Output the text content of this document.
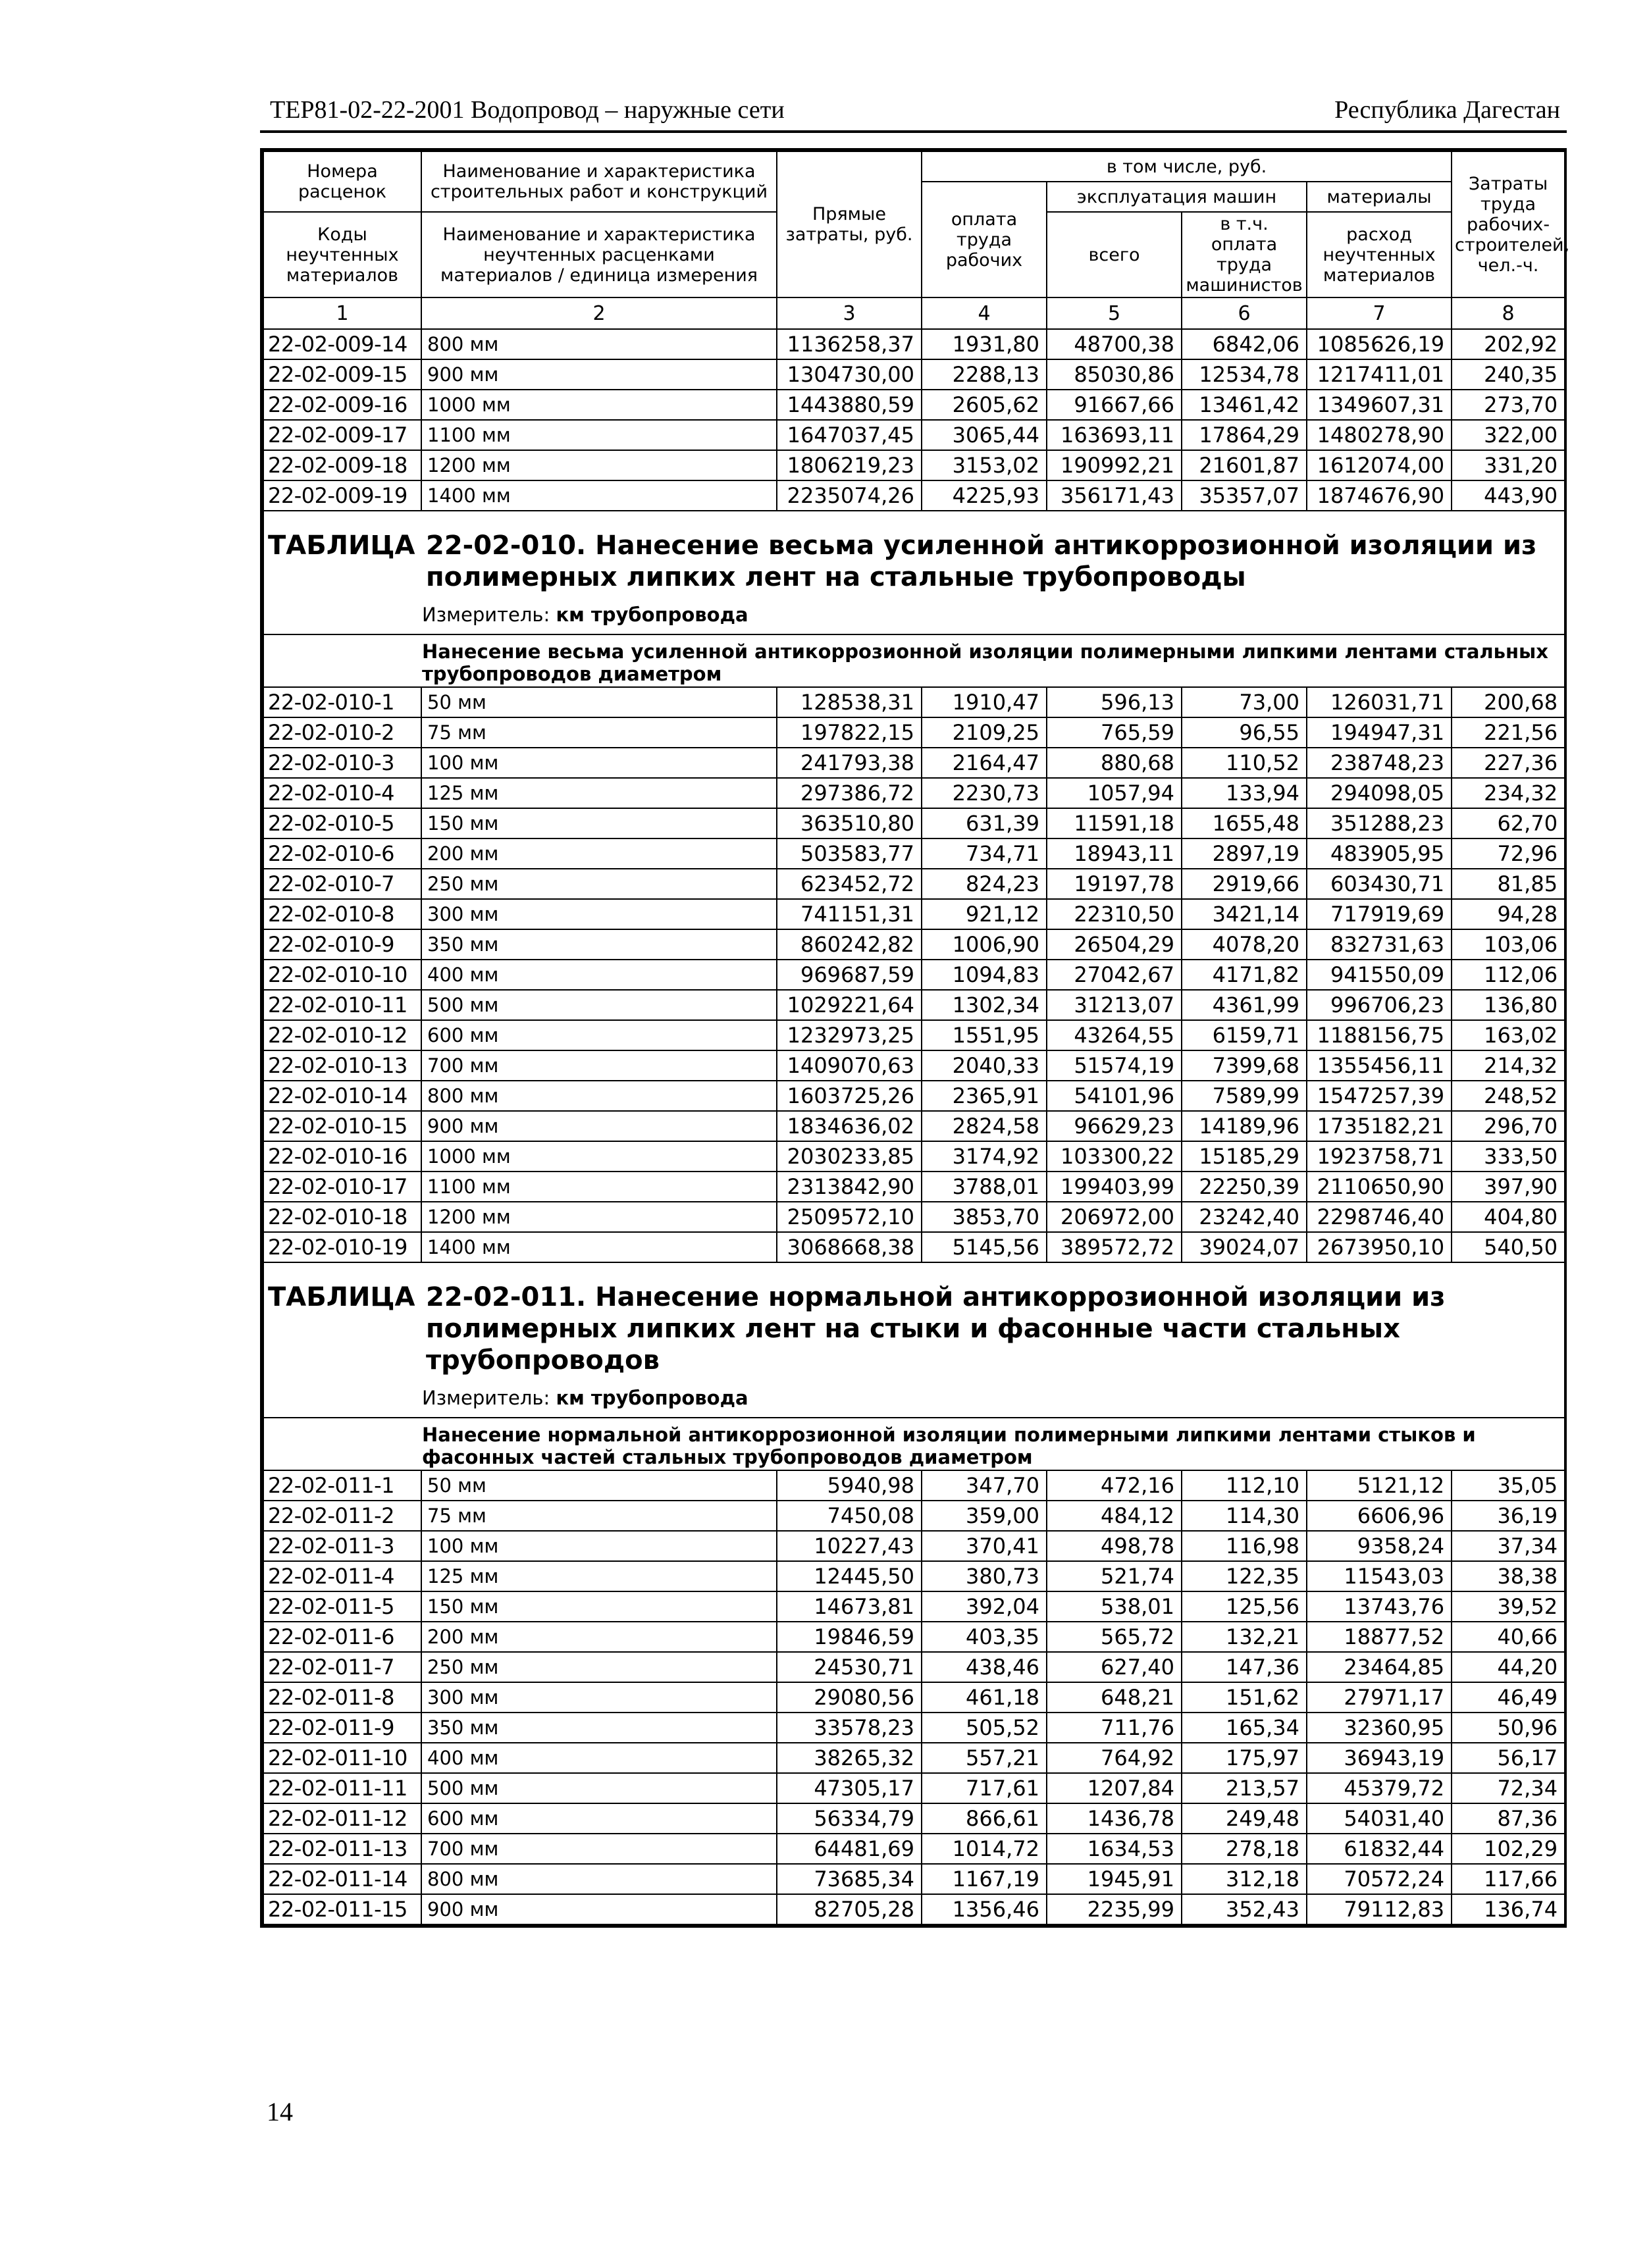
ТЕР81-02-22-2001 Водопровод – наружные сети	Республика Дагестан
Номера расценок	Наименование и характеристика строительных работ и конструкций	Прямые затраты, руб.	в том числе, руб.				Затраты труда рабочих-строителей, чел.-ч.
			оплата труда рабочих	эксплуатация машин		материалы	
Коды неучтенных материалов	Наименование и характеристика неучтенных расценками материалов / единица измерения			всего	в т.ч. оплата труда машинистов	расход неучтенных материалов	
1	2	3	4	5	6	7	8
22-02-009-14	800 мм	1136258,37	1931,80	48700,38	6842,06	1085626,19	202,92
22-02-009-15	900 мм	1304730,00	2288,13	85030,86	12534,78	1217411,01	240,35
22-02-009-16	1000 мм	1443880,59	2605,62	91667,66	13461,42	1349607,31	273,70
22-02-009-17	1100 мм	1647037,45	3065,44	163693,11	17864,29	1480278,90	322,00
22-02-009-18	1200 мм	1806219,23	3153,02	190992,21	21601,87	1612074,00	331,20
22-02-009-19	1400 мм	2235074,26	4225,93	356171,43	35357,07	1874676,90	443,90

ТАБЛИЦА 22-02-010. Нанесение весьма усиленной антикоррозионной изоляции из полимерных липких лент на стальные трубопроводы
Измеритель: км трубопровода							

Нанесение весьма усиленной антикоррозионной изоляции полимерными липкими лентами стальных трубопроводов диаметром							

22-02-010-1	50 мм	128538,31	1910,47	596,13	73,00	126031,71	200,68
22-02-010-2	75 мм	197822,15	2109,25	765,59	96,55	194947,31	221,56
22-02-010-3	100 мм	241793,38	2164,47	880,68	110,52	238748,23	227,36
22-02-010-4	125 мм	297386,72	2230,73	1057,94	133,94	294098,05	234,32
22-02-010-5	150 мм	363510,80	631,39	11591,18	1655,48	351288,23	62,70
22-02-010-6	200 мм	503583,77	734,71	18943,11	2897,19	483905,95	72,96
22-02-010-7	250 мм	623452,72	824,23	19197,78	2919,66	603430,71	81,85
22-02-010-8	300 мм	741151,31	921,12	22310,50	3421,14	717919,69	94,28
22-02-010-9	350 мм	860242,82	1006,90	26504,29	4078,20	832731,63	103,06
22-02-010-10	400 мм	969687,59	1094,83	27042,67	4171,82	941550,09	112,06
22-02-010-11	500 мм	1029221,64	1302,34	31213,07	4361,99	996706,23	136,80
22-02-010-12	600 мм	1232973,25	1551,95	43264,55	6159,71	1188156,75	163,02
22-02-010-13	700 мм	1409070,63	2040,33	51574,19	7399,68	1355456,11	214,32
22-02-010-14	800 мм	1603725,26	2365,91	54101,96	7589,99	1547257,39	248,52
22-02-010-15	900 мм	1834636,02	2824,58	96629,23	14189,96	1735182,21	296,70
22-02-010-16	1000 мм	2030233,85	3174,92	103300,22	15185,29	1923758,71	333,50
22-02-010-17	1100 мм	2313842,90	3788,01	199403,99	22250,39	2110650,90	397,90
22-02-010-18	1200 мм	2509572,10	3853,70	206972,00	23242,40	2298746,40	404,80
22-02-010-19	1400 мм	3068668,38	5145,56	389572,72	39024,07	2673950,10	540,50

ТАБЛИЦА 22-02-011. Нанесение нормальной антикоррозионной изоляции из полимерных липких лент на стыки и фасонные части стальных трубопроводов
Измеритель: км трубопровода							

Нанесение нормальной антикоррозионной изоляции полимерными липкими лентами стыков и фасонных частей стальных трубопроводов диаметром							

22-02-011-1	50 мм	5940,98	347,70	472,16	112,10	5121,12	35,05
22-02-011-2	75 мм	7450,08	359,00	484,12	114,30	6606,96	36,19
22-02-011-3	100 мм	10227,43	370,41	498,78	116,98	9358,24	37,34
22-02-011-4	125 мм	12445,50	380,73	521,74	122,35	11543,03	38,38
22-02-011-5	150 мм	14673,81	392,04	538,01	125,56	13743,76	39,52
22-02-011-6	200 мм	19846,59	403,35	565,72	132,21	18877,52	40,66
22-02-011-7	250 мм	24530,71	438,46	627,40	147,36	23464,85	44,20
22-02-011-8	300 мм	29080,56	461,18	648,21	151,62	27971,17	46,49
22-02-011-9	350 мм	33578,23	505,52	711,76	165,34	32360,95	50,96
22-02-011-10	400 мм	38265,32	557,21	764,92	175,97	36943,19	56,17
22-02-011-11	500 мм	47305,17	717,61	1207,84	213,57	45379,72	72,34
22-02-011-12	600 мм	56334,79	866,61	1436,78	249,48	54031,40	87,36
22-02-011-13	700 мм	64481,69	1014,72	1634,53	278,18	61832,44	102,29
22-02-011-14	800 мм	73685,34	1167,19	1945,91	312,18	70572,24	117,66
22-02-011-15	900 мм	82705,28	1356,46	2235,99	352,43	79112,83	136,74
14
